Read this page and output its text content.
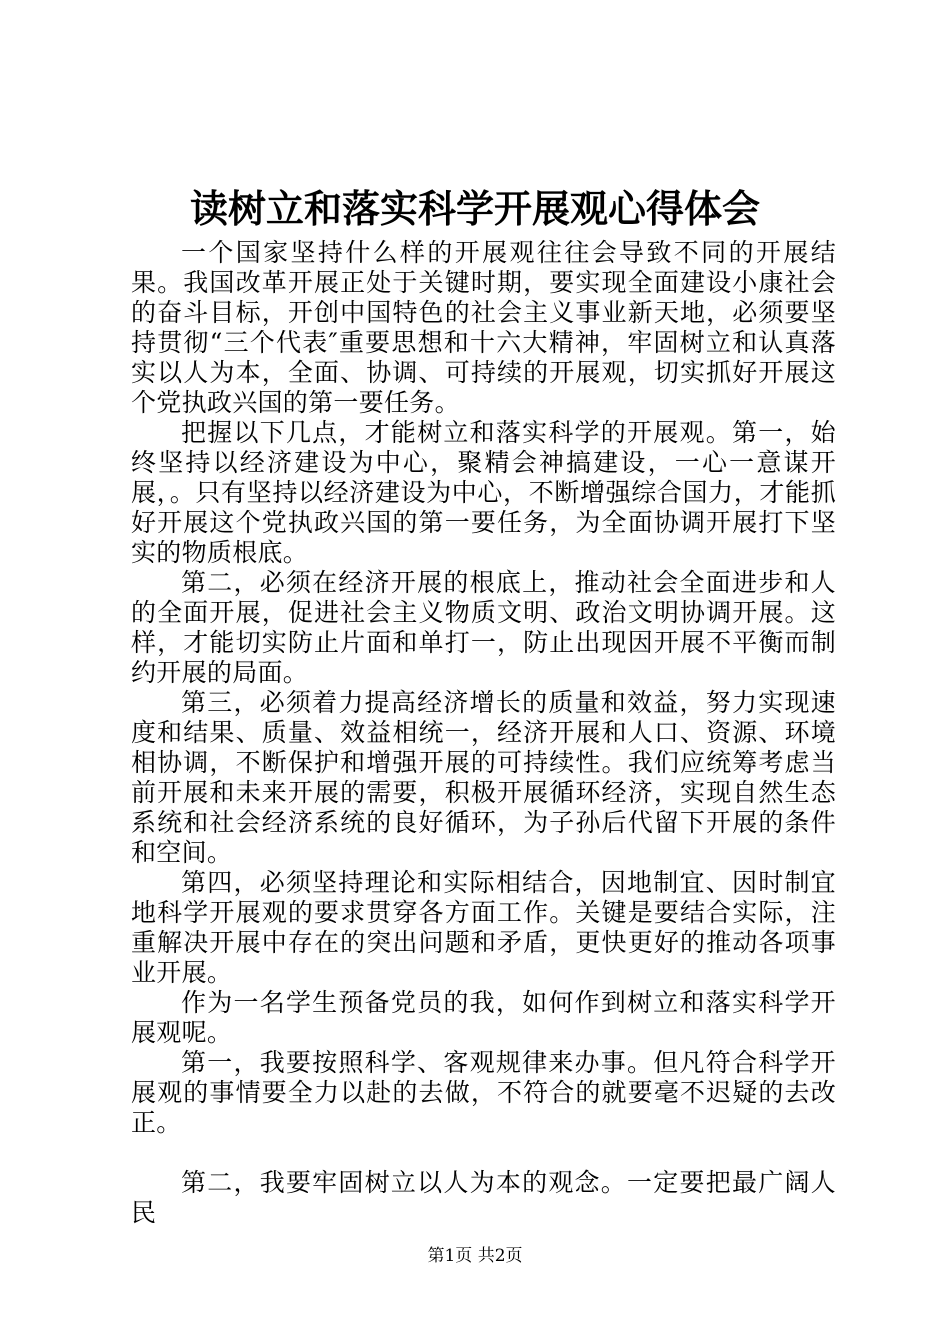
读树立和落实科学开展观心得体会

一个国家坚持什么样的开展观往往会导致不同的开展结果。我国改革开展正处于关键时期，要实现全面建设小康社会的奋斗目标，开创中国特色的社会主义事业新天地，必须要坚持贯彻“三个代表″重要思想和十六大精神，牢固树立和认真落实以人为本，全面、协调、可持续的开展观，切实抓好开展这个党执政兴国的第一要任务。

把握以下几点，才能树立和落实科学的开展观。第一，始终坚持以经济建设为中心，聚精会神搞建设，一心一意谋开展，。只有坚持以经济建设为中心，不断增强综合国力，才能抓好开展这个党执政兴国的第一要任务，为全面协调开展打下坚实的物质根底。

第二，必须在经济开展的根底上，推动社会全面进步和人的全面开展，促进社会主义物质文明、政治文明协调开展。这样，才能切实防止片面和单打一，防止出现因开展不平衡而制约开展的局面。

第三，必须着力提高经济增长的质量和效益，努力实现速度和结果、质量、效益相统一，经济开展和人口、资源、环境相协调，不断保护和增强开展的可持续性。我们应统筹考虑当前开展和未来开展的需要，积极开展循环经济，实现自然生态系统和社会经济系统的良好循环，为子孙后代留下开展的条件和空间。

第四，必须坚持理论和实际相结合，因地制宜、因时制宜地科学开展观的要求贯穿各方面工作。关键是要结合实际，注重解决开展中存在的突出问题和矛盾，更快更好的推动各项事业开展。

作为一名学生预备党员的我，如何作到树立和落实科学开展观呢。

第一，我要按照科学、客观规律来办事。但凡符合科学开展观的事情要全力以赴的去做，不符合的就要毫不迟疑的去改正。

第二，我要牢固树立以人为本的观念。一定要把最广阔人民

第1页 共2页
